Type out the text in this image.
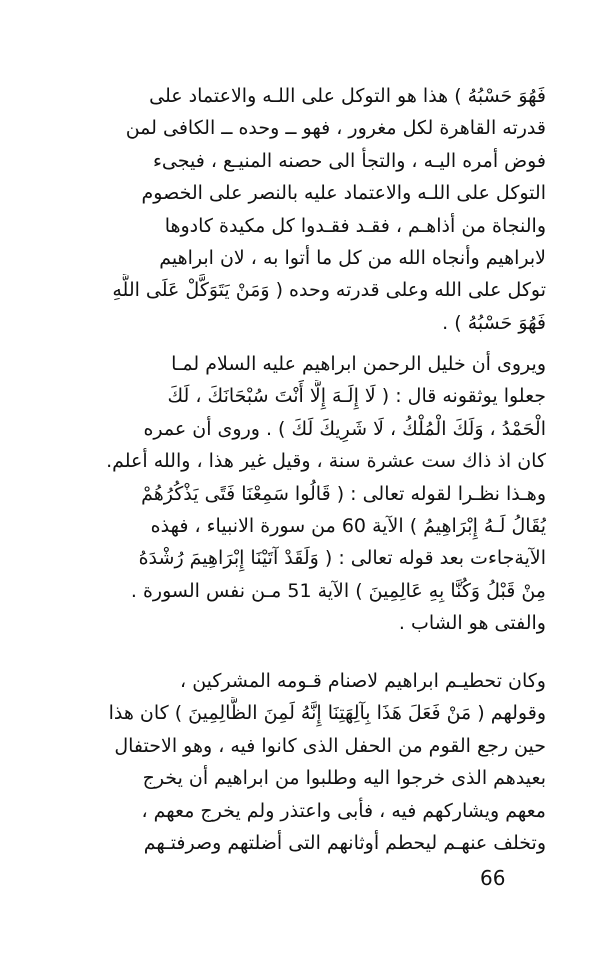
فَهُوَ حَسْبُهُ ) هذا هو التوكل على اللـه والاعتماد على
قدرته القاهرة لكل مغرور ، فهو ــ وحده ــ الكافى لمن
فوض أمره اليـه ، والتجأ الى حصنه المنيـع ، فيجىء
التوكل على اللـه والاعتماد عليه بالنصر على الخصوم
والنجاة من أذاهـم ، فقـد فقـدوا كل مكيدة كادوها
لابراهيم وأنجاه الله من كل ما أتوا به ، لان ابراهيم
توكل على الله وعلى قدرته وحده ( وَمَنْ يَتَوَكَّلْ عَلَى اللَّهِ
فَهُوَ حَسْبُهُ ) .
ويروى أن خليل الرحمن ابراهيم عليه السلام لمـا
جعلوا يوثقونه قال : ( لَا إِلَـهَ إِلَّا أَنْتَ سُبْحَانَكَ ، لَكَ
الْحَمْدُ ، وَلَكَ الْمُلْكُ ، لَا شَرِيكَ لَكَ ) . وروى أن عمره
كان اذ ذاك ست عشرة سنة ، وقيل غير هذا ، والله أعلم.
وهـذا نظـرا لقوله تعالى : ( قَالُوا سَمِعْنَا فَتًى يَذْكُرُهُمْ
يُقَالُ لَـهُ إِبْرَاهِيمُ ) الآية 60 من سورة الانبياء ، فهذه
الآيةجاءت بعد قوله تعالى : ( وَلَقَدْ آتَيْنَا إِبْرَاهِيمَ رُشْدَهُ
مِنْ قَبْلُ وَكُنَّا بِهِ عَالِمِينَ ) الآية 51 مـن نفس السورة .
والفتى هو الشاب .
وكان تحطيـم ابراهيم لاصنام قـومه المشركين ،
وقولهم ( مَنْ فَعَلَ هَذَا بِآلِهَتِنَا إِنَّهُ لَمِنَ الظَّالِمِينَ ) كان هذا
حين رجع القوم من الحفل الذى كانوا فيه ، وهو الاحتفال
بعيدهم الذى خرجوا اليه وطلبوا من ابراهيم أن يخرج
معهم ويشاركهم فيه ، فأبى واعتذر ولم يخرج معهم ،
وتخلف عنهـم ليحطم أوثانهم التى أضلتهم وصرفتـهم
66
